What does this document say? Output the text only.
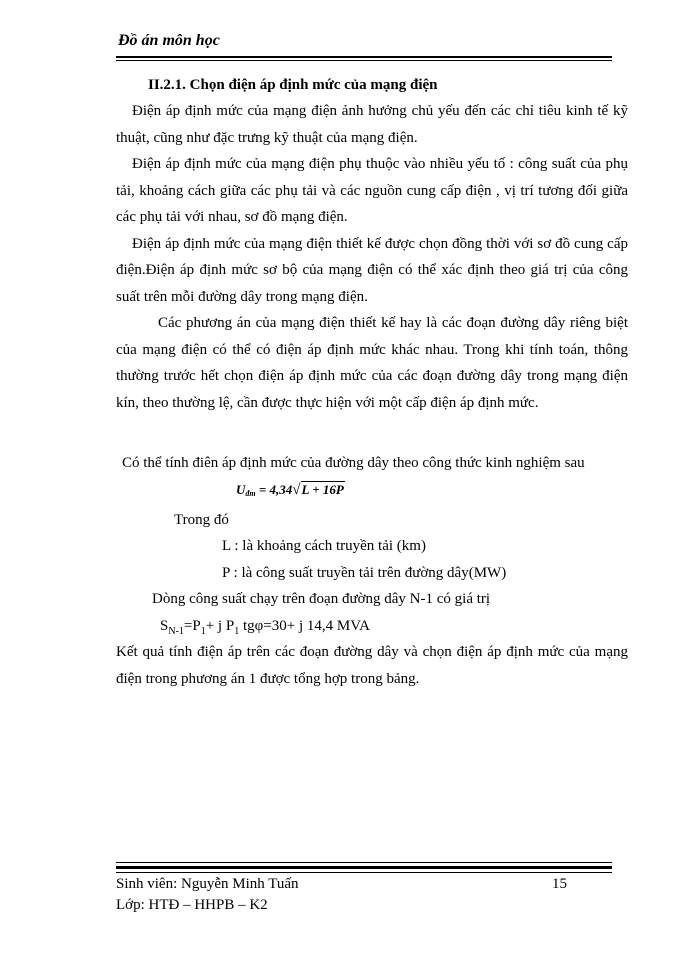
Đồ án môn học
II.2.1. Chọn điện áp định mức của mạng điện

Điện áp định mức của mạng điện ảnh hưởng chủ yếu đến các chỉ tiêu kinh tế kỹ thuật, cũng như đặc trưng kỹ thuật của mạng điện.

Điện áp định mức của mạng điện phụ thuộc vào nhiều yếu tố : công suất của phụ tải, khoảng cách giữa các phụ tải và các nguồn cung cấp điện , vị trí tương đối giữa các phụ tải với nhau, sơ đồ mạng điện.

Điện áp định mức của mạng điện thiết kế được chọn đồng thời với sơ đồ cung cấp điện.Điện áp định mức sơ bộ của mạng điện có thể xác định theo giá trị của công suất trên mỗi đường dây trong mạng điện.

Các phương án của mạng điện thiết kế hay là các đoạn đường dây riêng biệt của mạng điện có thể có điện áp định mức khác nhau. Trong khi tính toán, thông thường trước hết chọn điện áp định mức của các đoạn đường dây trong mạng điện kín, theo thường lệ, cần được thực hiện với một cấp điện áp định mức.

Có thể tính điên áp định mức của đường dây theo công thức kinh nghiệm sau

$U_{đm} = 4,34√L + 16P$
Trong đó
L : là khoảng cách truyền tải (km)
P : là công suất truyền tải trên đường dây(MW)
Dòng công suất chạy trên đoạn đường dây N-1 có giá trị
$S_{N-1}=P_1+ j$ $P_1$ tgφ=30+ j 14,4 MVA

Kết quả tính điện áp trên các đoạn đường dây và chọn điện áp định mức của mạng điện trong phương án 1 được tổng hợp trong bảng.

Sinh viên: Nguyễn Minh Tuấn
Lớp: HTĐ – HHPB – K2
15
